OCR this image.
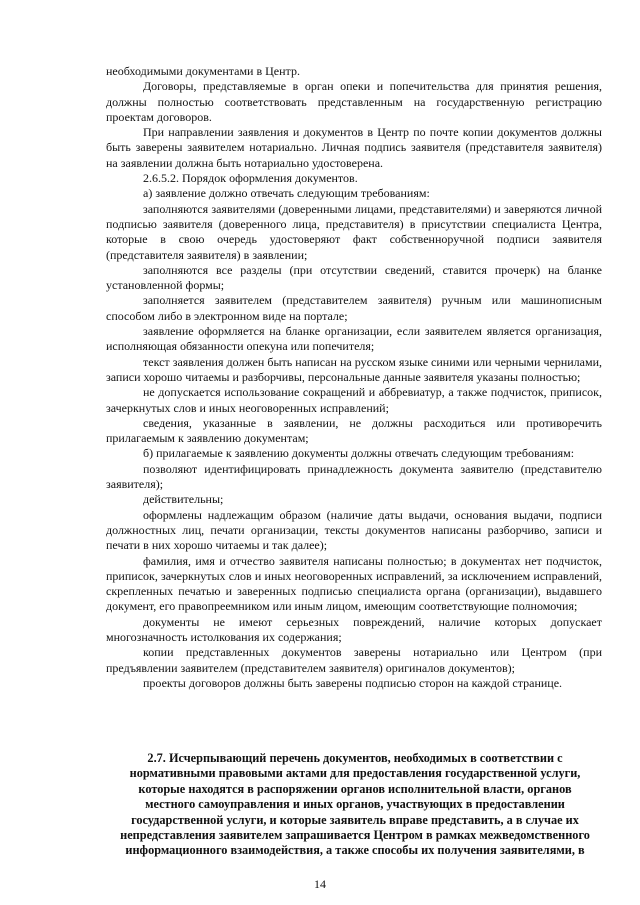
необходимыми документами в Центр.

Договоры, представляемые в орган опеки и попечительства для принятия решения, должны полностью соответствовать представленным на государственную регистрацию проектам договоров.

При направлении заявления и документов в Центр по почте копии документов должны быть заверены заявителем нотариально. Личная подпись заявителя (представителя заявителя) на заявлении должна быть нотариально удостоверена.

2.6.5.2. Порядок оформления документов.

а) заявление должно отвечать следующим требованиям:

заполняются заявителями (доверенными лицами, представителями) и заверяются личной подписью заявителя (доверенного лица, представителя) в присутствии специалиста Центра, которые в свою очередь удостоверяют факт собственноручной подписи заявителя (представителя заявителя) в заявлении;

заполняются все разделы (при отсутствии сведений, ставится прочерк) на бланке установленной формы;

заполняется заявителем (представителем заявителя) ручным или машинописным способом либо в электронном виде на портале;

заявление оформляется на бланке организации, если заявителем является организация, исполняющая обязанности опекуна или попечителя;

текст заявления должен быть написан на русском языке синими или черными чернилами, записи хорошо читаемы и разборчивы, персональные данные заявителя указаны полностью;

не допускается использование сокращений и аббревиатур, а также подчисток, приписок, зачеркнутых слов и иных неоговоренных исправлений;

сведения, указанные в заявлении, не должны расходиться или противоречить прилагаемым к заявлению документам;

б) прилагаемые к заявлению документы должны отвечать следующим требованиям:

позволяют идентифицировать принадлежность документа заявителю (представителю заявителя);

действительны;

оформлены надлежащим образом (наличие даты выдачи, основания выдачи, подписи должностных лиц, печати организации, тексты документов написаны разборчиво, записи и печати в них хорошо читаемы и так далее);

фамилия, имя и отчество заявителя написаны полностью; в документах нет подчисток, приписок, зачеркнутых слов и иных неоговоренных исправлений, за исключением исправлений, скрепленных печатью и заверенных подписью специалиста органа (организации), выдавшего документ, его правопреемником или иным лицом, имеющим соответствующие полномочия;

документы не имеют серьезных повреждений, наличие которых допускает многозначность истолкования их содержания;

копии представленных документов заверены нотариально или Центром (при предъявлении заявителем (представителем заявителя) оригиналов документов);

проекты договоров должны быть заверены подписью сторон на каждой странице.

2.7. Исчерпывающий перечень документов, необходимых в соответствии с нормативными правовыми актами для предоставления государственной услуги, которые находятся в распоряжении органов исполнительной власти, органов местного самоуправления и иных органов, участвующих в предоставлении государственной услуги, и которые заявитель вправе представить, а в случае их непредставления заявителем запрашивается Центром в рамках межведомственного информационного взаимодействия, а также способы их получения заявителями, в
14
